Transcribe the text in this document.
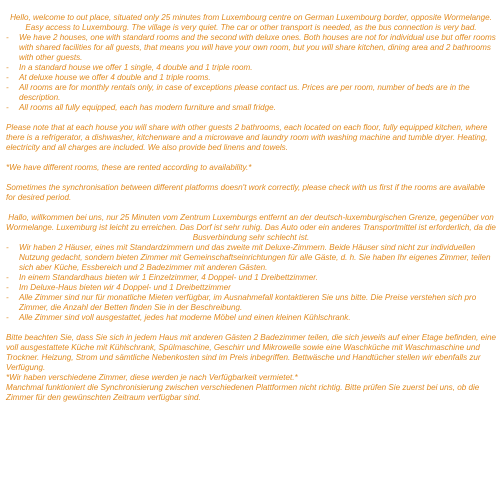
Hello, welcome to out place, situated only 25 minutes from Luxembourg centre on German Luxembourg border, opposite Wormelange. Easy access to Luxembourg. The village is very quiet. The car or other transport is needed, as the bus connection is very bad.

-	We have 2 houses, one with standard rooms and the second with deluxe ones. Both houses are not for individual use but offer rooms with shared facilities for all guests, that means you will have your own room, but you will share kitchen, dining area and 2 bathrooms with other guests.
-	In a standard house we offer 1 single, 4 double and 1 triple room.
-	At deluxe house we offer 4 double and 1 triple rooms.
-	All rooms are for monthly rentals only, in case of exceptions please contact us. Prices are per room, number of beds are in the description.
-	All rooms all fully equipped, each has modern furniture and small fridge.

Please note that at each house you will share with other guests 2 bathrooms, each located on each floor, fully equipped kitchen, where there is a refrigerator, a dishwasher, kitchenware and a microwave and laundry room with washing machine and tumble dryer. Heating, electricity and all charges are included. We also provide bed linens and towels.

*We have different rooms, these are rented according to availability.*

Sometimes the synchronisation between different platforms doesn't work correctly, please check with us first if the rooms are available for desired period.

Hallo, willkommen bei uns, nur 25 Minuten vom Zentrum Luxemburgs entfernt an der deutsch-luxemburgischen Grenze, gegenüber von Wormelange. Luxemburg ist leicht zu erreichen. Das Dorf ist sehr ruhig. Das Auto oder ein anderes Transportmittel ist erforderlich, da die Busverbindung sehr schlecht ist.

-	Wir haben 2 Häuser, eines mit Standardzimmern und das zweite mit Deluxe-Zimmern. Beide Häuser sind nicht zur individuellen Nutzung gedacht, sondern bieten Zimmer mit Gemeinschaftseinrichtungen für alle Gäste, d. h. Sie haben Ihr eigenes Zimmer, teilen sich aber Küche, Essbereich und 2 Badezimmer mit anderen Gästen.
-	In einem Standardhaus bieten wir 1 Einzelzimmer, 4 Doppel- und 1 Dreibettzimmer.
-	Im Deluxe-Haus bieten wir 4 Doppel- und 1 Dreibettzimmer
-	Alle Zimmer sind nur für monatliche Mieten verfügbar, im Ausnahmefall kontaktieren Sie uns bitte. Die Preise verstehen sich pro Zimmer, die Anzahl der Betten finden Sie in der Beschreibung.
-	Alle Zimmer sind voll ausgestattet, jedes hat moderne Möbel und einen kleinen Kühlschrank.

Bitte beachten Sie, dass Sie sich in jedem Haus mit anderen Gästen 2 Badezimmer teilen, die sich jeweils auf einer Etage befinden, eine voll ausgestattete Küche mit Kühlschrank, Spülmaschine, Geschirr und Mikrowelle sowie eine Waschküche mit Waschmaschine und Trockner. Heizung, Strom und sämtliche Nebenkosten sind im Preis inbegriffen. Bettwäsche und Handtücher stellen wir ebenfalls zur Verfügung.

*Wir haben verschiedene Zimmer, diese werden je nach Verfügbarkeit vermietet.*

Manchmal funktioniert die Synchronisierung zwischen verschiedenen Plattformen nicht richtig. Bitte prüfen Sie zuerst bei uns, ob die Zimmer für den gewünschten Zeitraum verfügbar sind.
